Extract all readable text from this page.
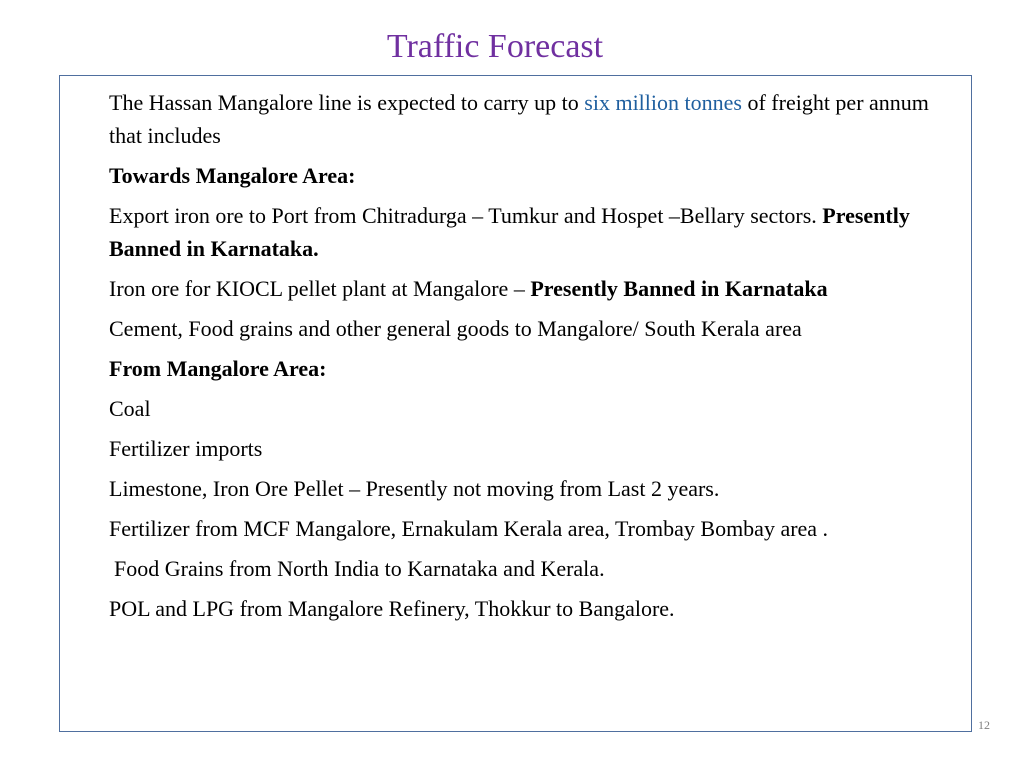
Traffic Forecast

The Hassan Mangalore line is expected to carry up to six million tonnes of freight per annum that includes

Towards Mangalore Area:

Export iron ore to Port from Chitradurga – Tumkur and Hospet –Bellary sectors. Presently Banned in Karnataka.

Iron ore for KIOCL pellet plant at Mangalore – Presently Banned in Karnataka

Cement, Food grains and other general goods to Mangalore/ South Kerala area

From Mangalore Area:

Coal

Fertilizer imports

Limestone, Iron Ore Pellet – Presently not moving from Last 2 years.

Fertilizer from MCF Mangalore, Ernakulam Kerala area, Trombay Bombay area .

Food Grains from North India to Karnataka and Kerala.

POL and LPG from Mangalore Refinery, Thokkur to Bangalore.

12
